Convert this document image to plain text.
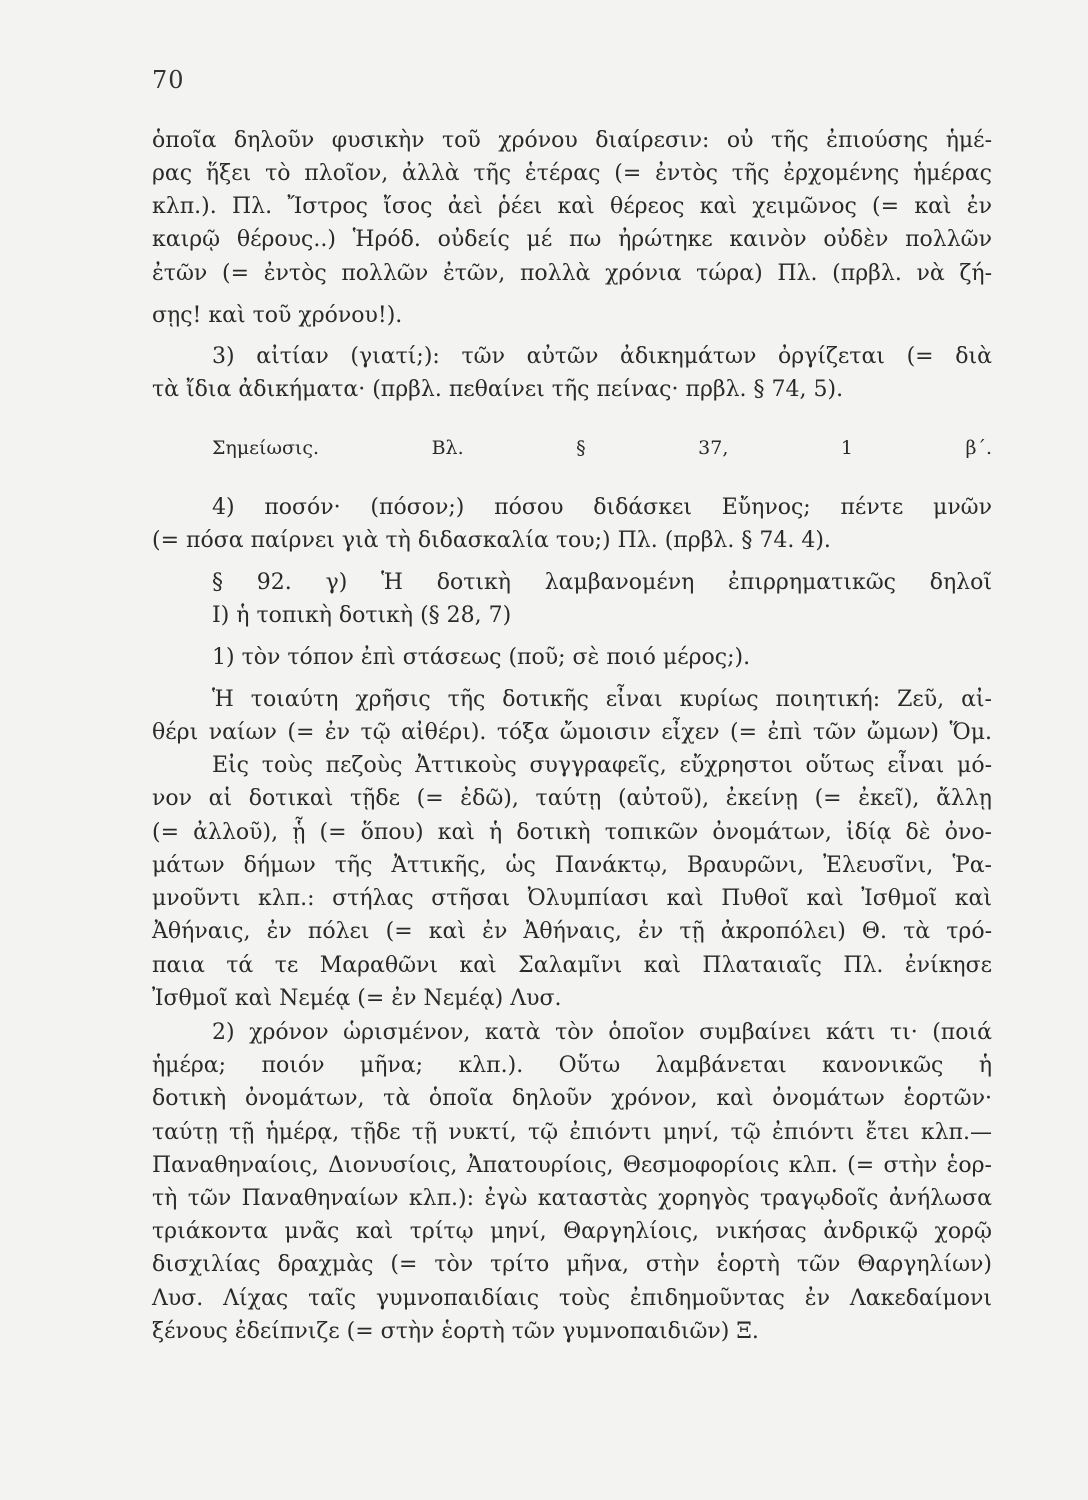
70
ὁποῖα δηλοῦν φυσικὴν τοῦ χρόνου διαίρεσιν: οὐ τῆς ἐπιούσης ἡμέ-
ρας ἥξει τὸ πλοῖον, ἀλλὰ τῆς ἑτέρας (= ἐντὸς τῆς ἐρχομένης ἡμέρας
κλπ.). Πλ. Ἴστρος ἴσος ἀεὶ ῥέει καὶ θέρεος καὶ χειμῶνος (= καὶ ἐν
καιρῷ θέρους..) Ἡρόδ. οὐδείς μέ πω ἠρώτηκε καινὸν οὐδὲν πολλῶν
ἐτῶν (= ἐντὸς πολλῶν ἐτῶν, πολλὰ χρόνια τώρα) Πλ. (πρβλ. νὰ ζή-
σῃς! καὶ τοῦ χρόνου!).
3) αἰτίαν (γιατί;): τῶν αὐτῶν ἀδικημάτων ὀργίζεται (= διὰ
τὰ ἴδια ἀδικήματα· (πρβλ. πεθαίνει τῆς πείνας· πρβλ. § 74, 5).
Σημείωσις. Βλ. § 37, 1 β΄.
4) ποσόν· (πόσον;) πόσου διδάσκει Εὔηνος; πέντε μνῶν
(= πόσα παίρνει γιὰ τὴ διδασκαλία του;) Πλ. (πρβλ. § 74. 4).
§ 92. γ) Ἡ δοτικὴ λαμβανομένη ἐπιρρηματικῶς δηλοῖ
I) ἡ τοπικὴ δοτικὴ (§ 28, 7)
1) τὸν τόπον ἐπὶ στάσεως (ποῦ; σὲ ποιό μέρος;).
Ἡ τοιαύτη χρῆσις τῆς δοτικῆς εἶναι κυρίως ποιητική: Ζεῦ, αἰ-
θέρι ναίων (= ἐν τῷ αἰθέρι). τόξα ὤμοισιν εἶχεν (= ἐπὶ τῶν ὤμων) Ὅμ.
Εἰς τοὺς πεζοὺς Ἀττικοὺς συγγραφεῖς, εὔχρηστοι οὕτως εἶναι μό-
νον αἱ δοτικαὶ τῇδε (= ἐδῶ), ταύτῃ (αὐτοῦ), ἐκείνῃ (= ἐκεῖ), ἄλλῃ
(= ἀλλοῦ), ᾗ (= ὅπου) καὶ ἡ δοτικὴ τοπικῶν ὀνομάτων, ἰδίᾳ δὲ ὀνο-
μάτων δήμων τῆς Ἀττικῆς, ὡς Πανάκτῳ, Βραυρῶνι, Ἐλευσῖνι, Ῥα-
μνοῦντι κλπ.: στήλας στῆσαι Ὀλυμπίασι καὶ Πυθοῖ καὶ Ἰσθμοῖ καὶ
Ἀθήναις, ἐν πόλει (= καὶ ἐν Ἀθήναις, ἐν τῇ ἀκροπόλει) Θ. τὰ τρό-
παια τά τε Μαραθῶνι καὶ Σαλαμῖνι καὶ Πλαταιαῖς Πλ. ἐνίκησε
Ἰσθμοῖ καὶ Νεμέᾳ (= ἐν Νεμέᾳ) Λυσ.
2) χρόνον ὡρισμένον, κατὰ τὸν ὁποῖον συμβαίνει κάτι τι· (ποιά
ἡμέρα; ποιόν μῆνα; κλπ.). Οὕτω λαμβάνεται κανονικῶς ἡ
δοτικὴ ὀνομάτων, τὰ ὁποῖα δηλοῦν χρόνον, καὶ ὀνομάτων ἑορτῶν·
ταύτῃ τῇ ἡμέρᾳ, τῇδε τῇ νυκτί, τῷ ἐπιόντι μηνί, τῷ ἐπιόντι ἔτει κλπ.—
Παναθηναίοις, Διονυσίοις, Ἀπατουρίοις, Θεσμοφορίοις κλπ. (= στὴν ἑορ-
τὴ τῶν Παναθηναίων κλπ.): ἐγὼ καταστὰς χορηγὸς τραγῳδοῖς ἀνήλωσα
τριάκοντα μνᾶς καὶ τρίτῳ μηνί, Θαργηλίοις, νικήσας ἀνδρικῷ χορῷ
δισχιλίας δραχμὰς (= τὸν τρίτο μῆνα, στὴν ἑορτὴ τῶν Θαργηλίων)
Λυσ. Λίχας ταῖς γυμνοπαιδίαις τοὺς ἐπιδημοῦντας ἐν Λακεδαίμονι
ξένους ἐδείπνιζε (= στὴν ἑορτὴ τῶν γυμνοπαιδιῶν) Ξ.
